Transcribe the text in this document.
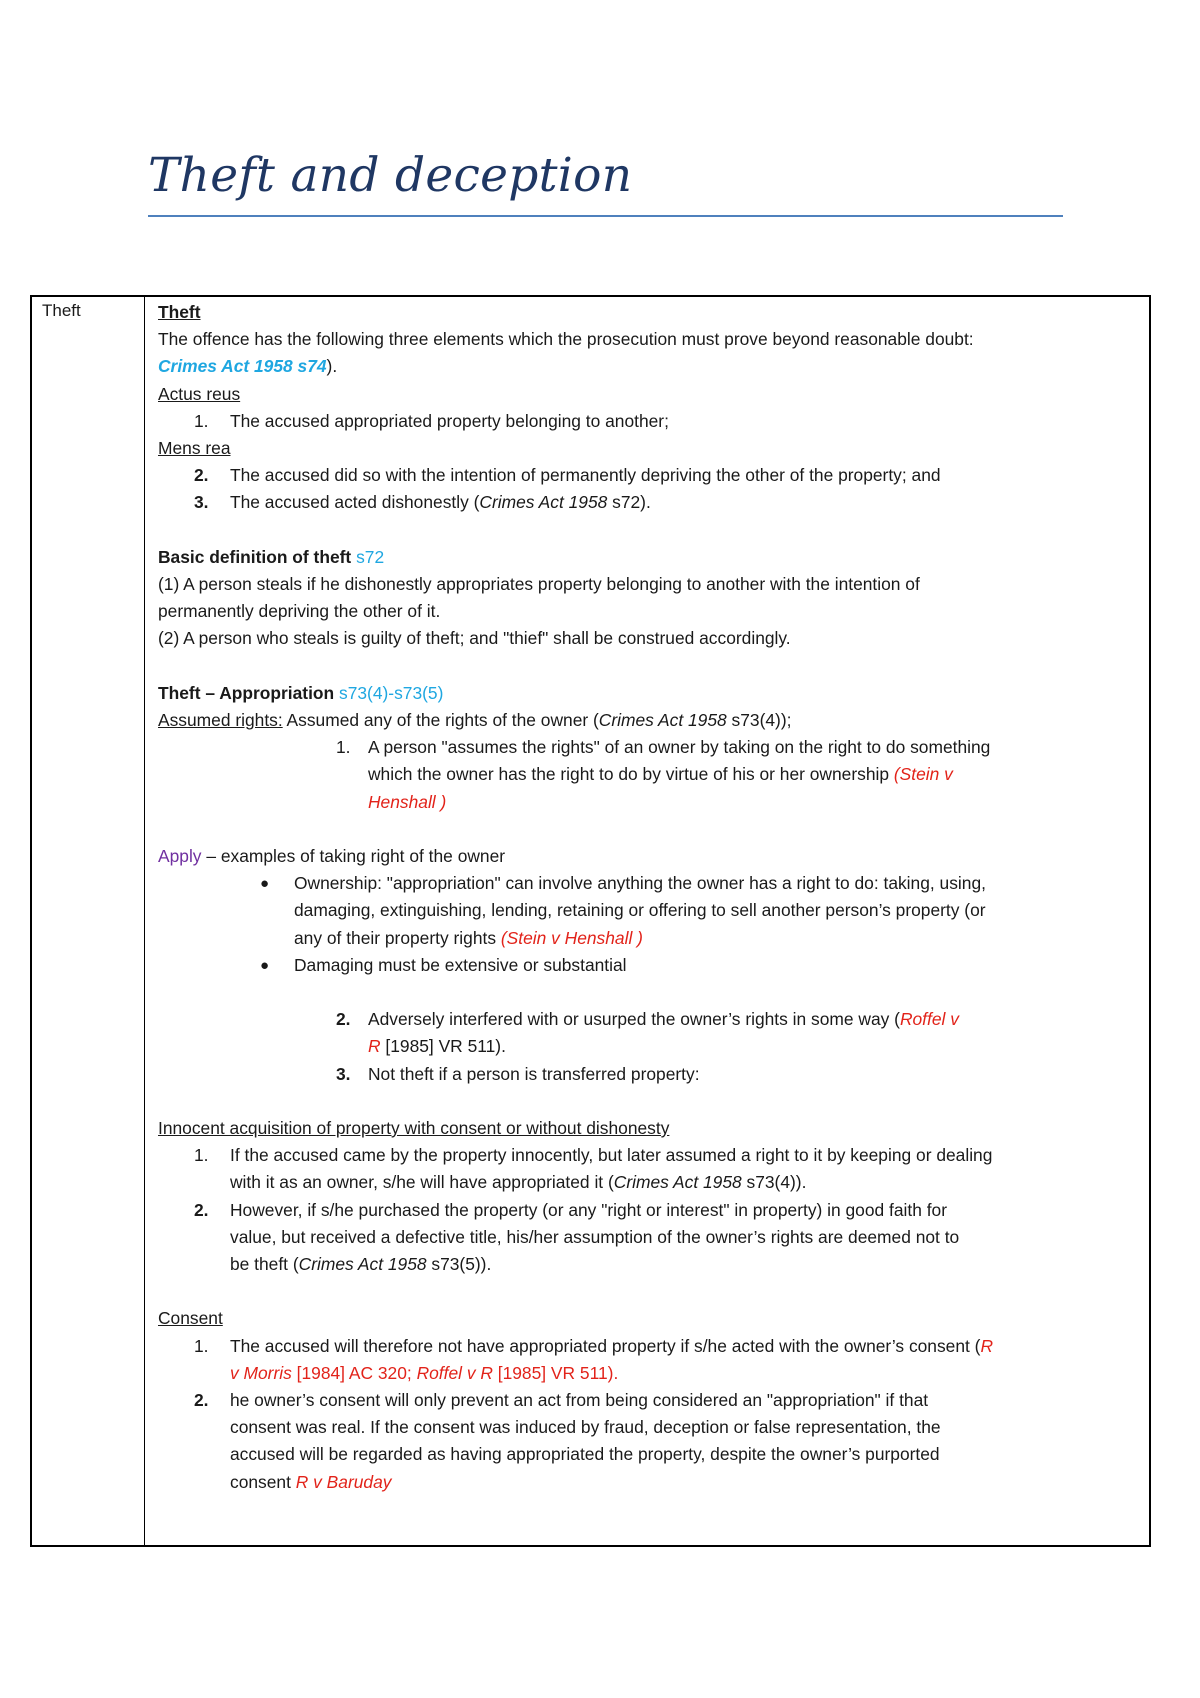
Theft and deception
Theft	Theft

The offence has the following three elements which the prosecution must prove beyond reasonable doubt:

Crimes Act 1958 s74).

Actus reus

1. The accused appropriated property belonging to another;

Mens rea

2. The accused did so with the intention of permanently depriving the other of the property; and

3. The accused acted dishonestly (Crimes Act 1958 s72).

Basic definition of theft s72

(1) A person steals if he dishonestly appropriates property belonging to another with the intention of

permanently depriving the other of it.

(2) A person who steals is guilty of theft; and "thief" shall be construed accordingly.

Theft – Appropriation s73(4)-s73(5)

Assumed rights: Assumed any of the rights of the owner (Crimes Act 1958 s73(4));

1. A person "assumes the rights" of an owner by taking on the right to do something

which the owner has the right to do by virtue of his or her ownership (Stein v

Henshall )

Apply – examples of taking right of the owner

● Ownership: "appropriation" can involve anything the owner has a right to do: taking, using,

damaging, extinguishing, lending, retaining or offering to sell another person’s property (or

any of their property rights (Stein v Henshall )

● Damaging must be extensive or substantial

2. Adversely interfered with or usurped the owner’s rights in some way (Roffel v

R [1985] VR 511).

3. Not theft if a person is transferred property:

Innocent acquisition of property with consent or without dishonesty

1. If the accused came by the property innocently, but later assumed a right to it by keeping or dealing

with it as an owner, s/he will have appropriated it (Crimes Act 1958 s73(4)).

2. However, if s/he purchased the property (or any "right or interest" in property) in good faith for

value, but received a defective title, his/her assumption of the owner’s rights are deemed not to

be theft (Crimes Act 1958 s73(5)).

Consent

1. The accused will therefore not have appropriated property if s/he acted with the owner’s consent (R

v Morris [1984] AC 320; Roffel v R [1985] VR 511).

2. he owner’s consent will only prevent an act from being considered an "appropriation" if that

consent was real. If the consent was induced by fraud, deception or false representation, the

accused will be regarded as having appropriated the property, despite the owner’s purported

consent R v Baruday
